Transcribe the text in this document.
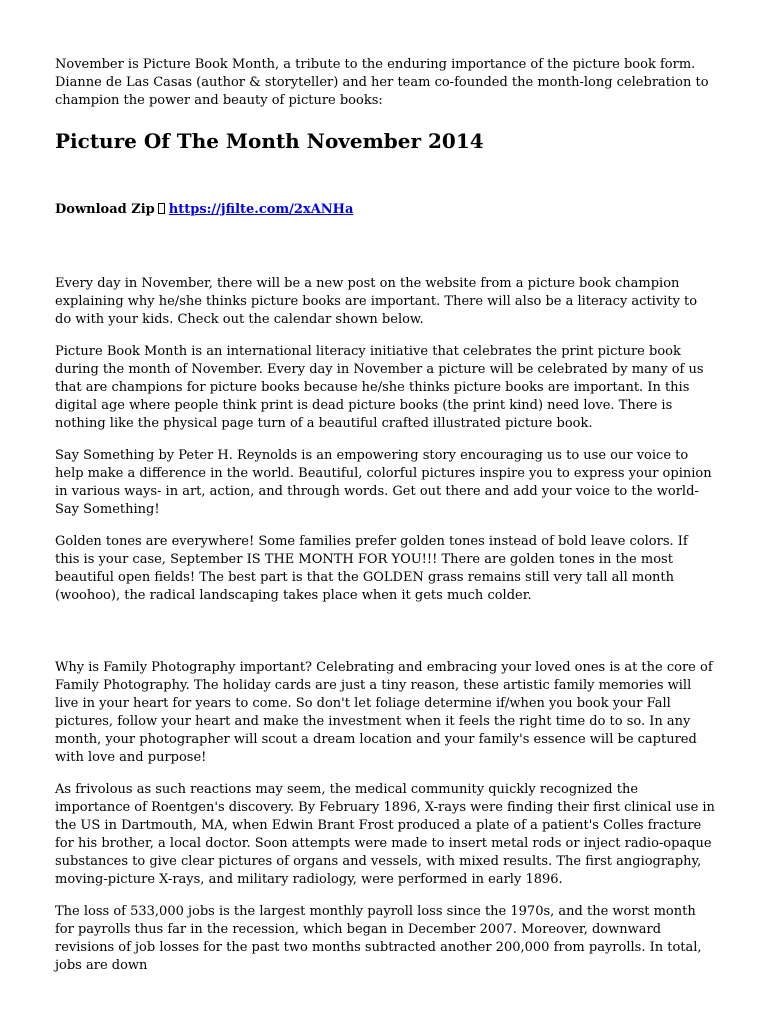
November is Picture Book Month, a tribute to the enduring importance of the picture book form. Dianne de Las Casas (author & storyteller) and her team co-founded the month-long celebration to champion the power and beauty of picture books:

Picture Of The Month November 2014
Download Zip https://jfilte.com/2xANHa

Every day in November, there will be a new post on the website from a picture book champion explaining why he/she thinks picture books are important. There will also be a literacy activity to do with your kids. Check out the calendar shown below.

Picture Book Month is an international literacy initiative that celebrates the print picture book during the month of November. Every day in November a picture will be celebrated by many of us that are champions for picture books because he/she thinks picture books are important. In this digital age where people think print is dead picture books (the print kind) need love. There is nothing like the physical page turn of a beautiful crafted illustrated picture book.

Say Something by Peter H. Reynolds is an empowering story encouraging us to use our voice to help make a difference in the world. Beautiful, colorful pictures inspire you to express your opinion in various ways- in art, action, and through words. Get out there and add your voice to the world- Say Something!

Golden tones are everywhere! Some families prefer golden tones instead of bold leave colors. If this is your case, September IS THE MONTH FOR YOU!!! There are golden tones in the most beautiful open fields! The best part is that the GOLDEN grass remains still very tall all month (woohoo), the radical landscaping takes place when it gets much colder.

Why is Family Photography important? Celebrating and embracing your loved ones is at the core of Family Photography. The holiday cards are just a tiny reason, these artistic family memories will live in your heart for years to come. So don't let foliage determine if/when you book your Fall pictures, follow your heart and make the investment when it feels the right time do to so. In any month, your photographer will scout a dream location and your family's essence will be captured with love and purpose!

As frivolous as such reactions may seem, the medical community quickly recognized the importance of Roentgen's discovery. By February 1896, X-rays were finding their first clinical use in the US in Dartmouth, MA, when Edwin Brant Frost produced a plate of a patient's Colles fracture for his brother, a local doctor. Soon attempts were made to insert metal rods or inject radio-opaque substances to give clear pictures of organs and vessels, with mixed results. The first angiography, moving-picture X-rays, and military radiology, were performed in early 1896.

The loss of 533,000 jobs is the largest monthly payroll loss since the 1970s, and the worst month for payrolls thus far in the recession, which began in December 2007. Moreover, downward revisions of job losses for the past two months subtracted another 200,000 from payrolls. In total, jobs are down
